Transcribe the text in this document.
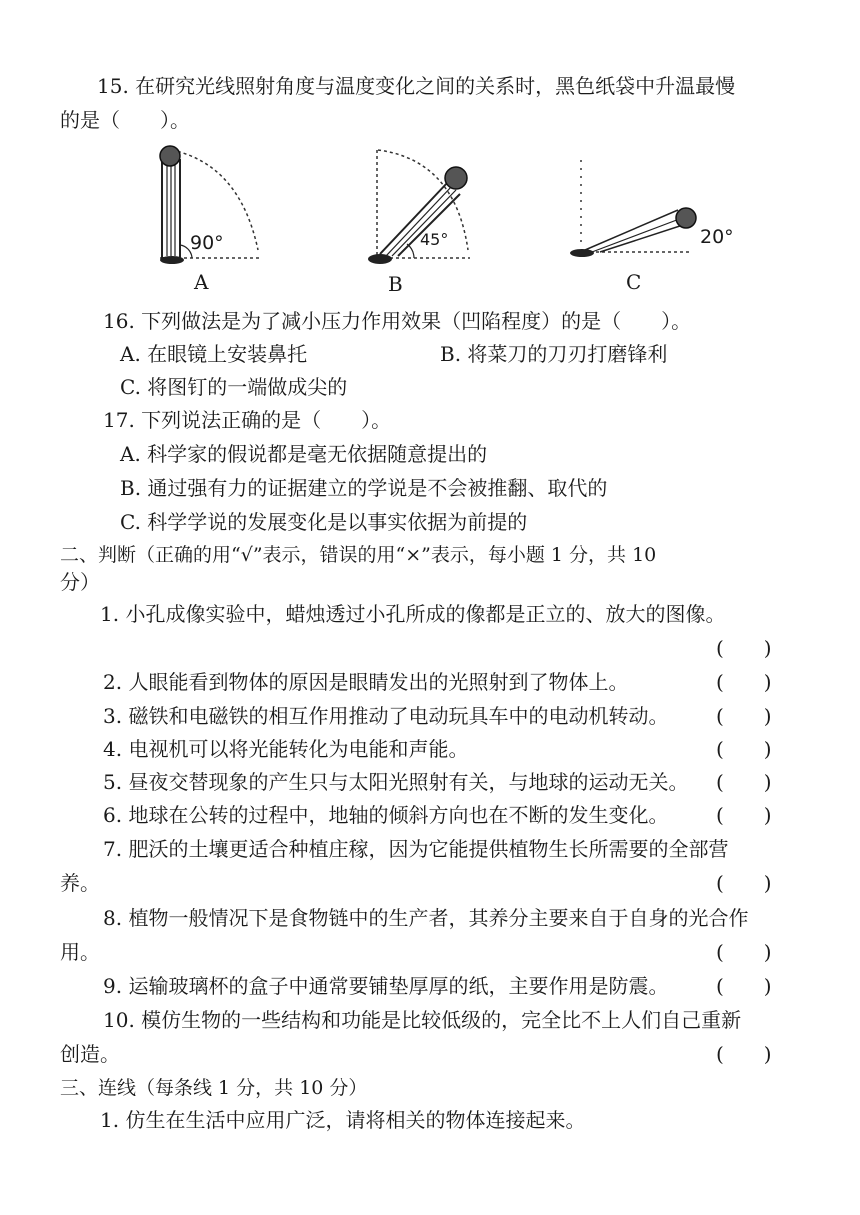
15. 在研究光线照射角度与温度变化之间的关系时，黑色纸袋中升温最慢
的是（　　）。
90°	45°	20°
A	B	C
16. 下列做法是为了减小压力作用效果（凹陷程度）的是（　　）。
A. 在眼镜上安装鼻托	B. 将菜刀的刀刃打磨锋利
C. 将图钉的一端做成尖的
17. 下列说法正确的是（　　）。
A. 科学家的假说都是毫无依据随意提出的
B. 通过强有力的证据建立的学说是不会被推翻、取代的
C. 科学学说的发展变化是以事实依据为前提的
二、判断（正确的用“√”表示，错误的用“×”表示，每小题 1 分，共 10
分）
1. 小孔成像实验中，蜡烛透过小孔所成的像都是正立的、放大的图像。
(　　)
2. 人眼能看到物体的原因是眼睛发出的光照射到了物体上。	(　　)
3. 磁铁和电磁铁的相互作用推动了电动玩具车中的电动机转动。 (　　)
4. 电视机可以将光能转化为电能和声能。	(　　)
5. 昼夜交替现象的产生只与太阳光照射有关，与地球的运动无关。 (　　)
6. 地球在公转的过程中，地轴的倾斜方向也在不断的发生变化。 (　　)
7. 肥沃的土壤更适合种植庄稼，因为它能提供植物生长所需要的全部营
养。	(　　)
8. 植物一般情况下是食物链中的生产者，其养分主要来自于自身的光合作
用。	(　　)
9. 运输玻璃杯的盒子中通常要铺垫厚厚的纸，主要作用是防震。 (　　)
10. 模仿生物的一些结构和功能是比较低级的，完全比不上人们自己重新
创造。	(　　)
三、连线（每条线 1 分，共 10 分）
1. 仿生在生活中应用广泛，请将相关的物体连接起来。
